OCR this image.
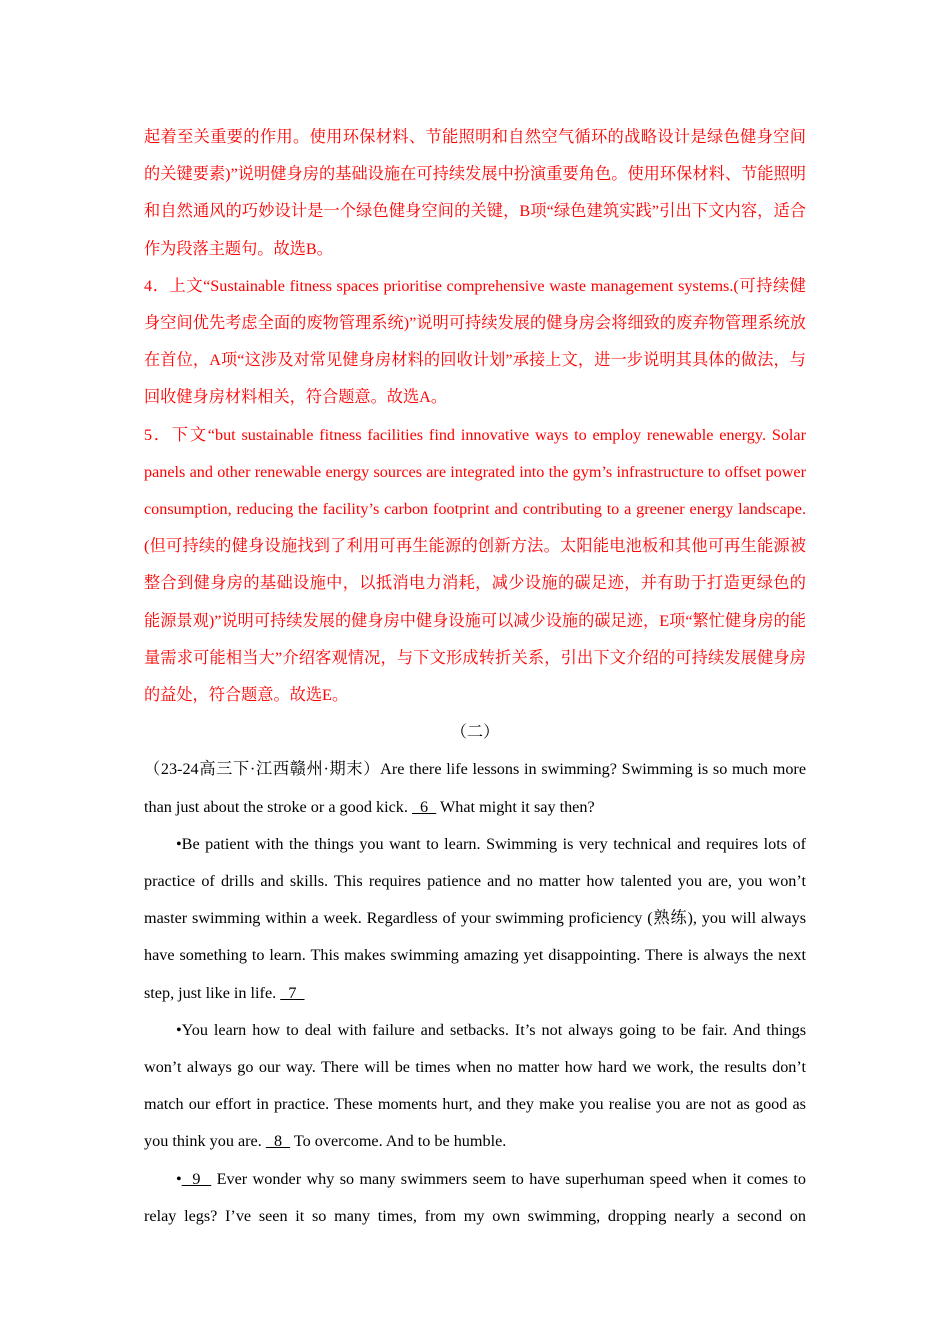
起着至关重要的作用。使用环保材料、节能照明和自然空气循环的战略设计是绿色健身空间的关键要素)”说明健身房的基础设施在可持续发展中扮演重要角色。使用环保材料、节能照明和自然通风的巧妙设计是一个绿色健身空间的关键，B项“绿色建筑实践”引出下文内容，适合作为段落主题句。故选B。

4．上文“Sustainable fitness spaces prioritise comprehensive waste management systems.(可持续健身空间优先考虑全面的废物管理系统)”说明可持续发展的健身房会将细致的废弃物管理系统放在首位，A项“这涉及对常见健身房材料的回收计划”承接上文，进一步说明其具体的做法，与回收健身房材料相关，符合题意。故选A。

5．下文“but sustainable fitness facilities find innovative ways to employ renewable energy. Solar panels and other renewable energy sources are integrated into the gym’s infrastructure to offset power consumption, reducing the facility’s carbon footprint and contributing to a greener energy landscape.(但可持续的健身设施找到了利用可再生能源的创新方法。太阳能电池板和其他可再生能源被整合到健身房的基础设施中，以抵消电力消耗，减少设施的碳足迹，并有助于打造更绿色的能源景观)”说明可持续发展的健身房中健身设施可以减少设施的碳足迹，E项“繁忙健身房的能量需求可能相当大”介绍客观情况，与下文形成转折关系，引出下文介绍的可持续发展健身房的益处，符合题意。故选E。

（二）

（23-24高三下·江西赣州·期末）Are there life lessons in swimming? Swimming is so much more than just about the stroke or a good kick.   6   What might it say then?

•Be patient with the things you want to learn. Swimming is very technical and requires lots of practice of drills and skills. This requires patience and no matter how talented you are, you won’t master swimming within a week. Regardless of your swimming proficiency (熟练), you will always have something to learn. This makes swimming amazing yet disappointing. There is always the next step, just like in life.   7

•You learn how to deal with failure and setbacks. It’s not always going to be fair. And things won’t always go our way. There will be times when no matter how hard we work, the results don’t match our effort in practice. These moments hurt, and they make you realise you are not as good as you think you are.   8   To overcome. And to be humble.

•  9   Ever wonder why so many swimmers seem to have superhuman speed when it comes to relay legs? I’ve seen it so many times, from my own swimming, dropping nearly a second on
